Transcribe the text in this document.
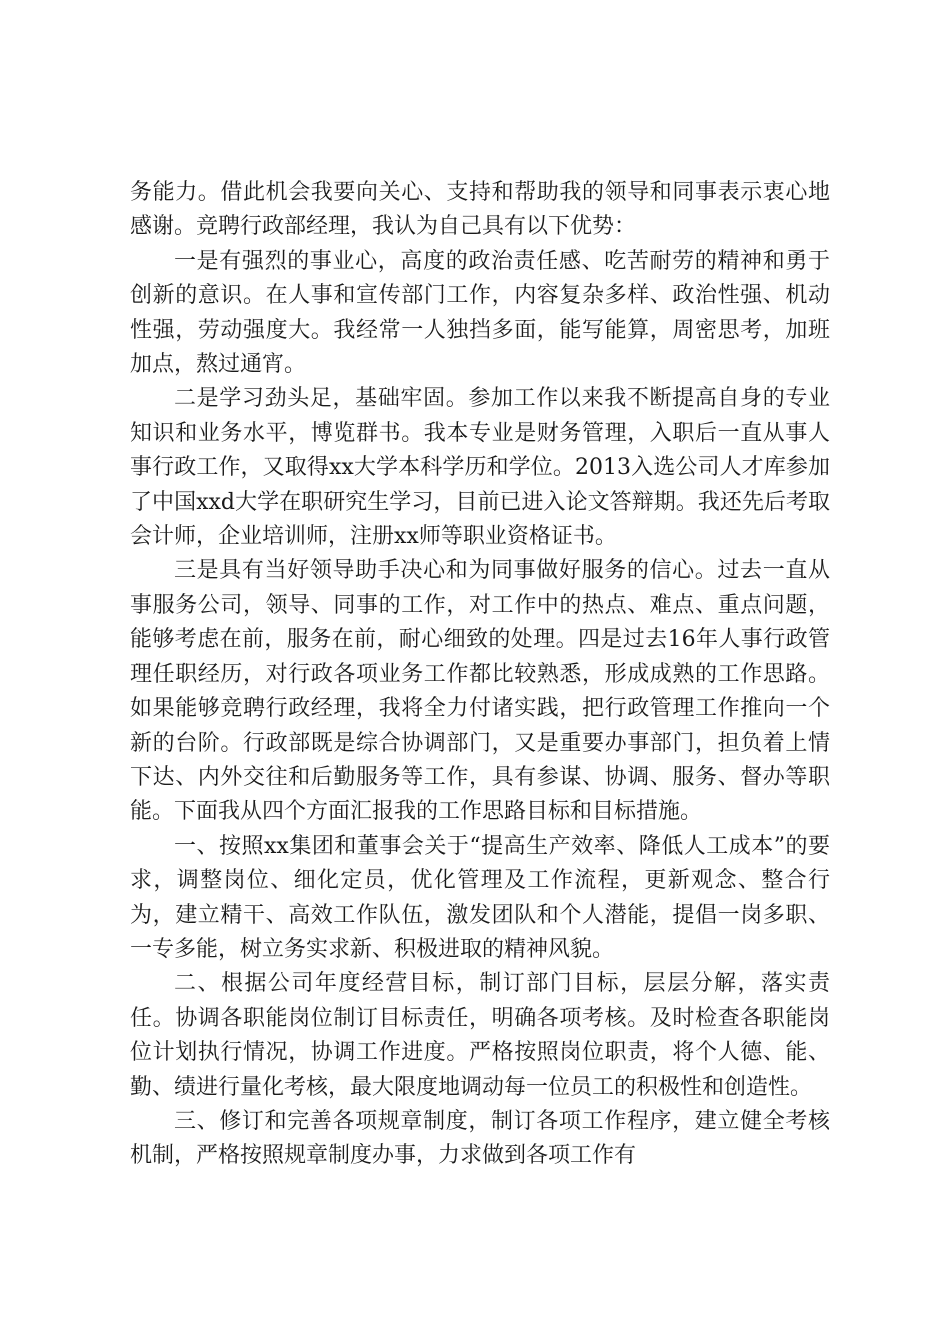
务能力。借此机会我要向关心、支持和帮助我的领导和同事表示衷心地感谢。竞聘行政部经理，我认为自己具有以下优势：

一是有强烈的事业心，高度的政治责任感、吃苦耐劳的精神和勇于创新的意识。在人事和宣传部门工作，内容复杂多样、政治性强、机动性强，劳动强度大。我经常一人独挡多面，能写能算，周密思考，加班加点，熬过通宵。

二是学习劲头足，基础牢固。参加工作以来我不断提高自身的专业知识和业务水平，博览群书。我本专业是财务管理，入职后一直从事人事行政工作，又取得xx大学本科学历和学位。2013入选公司人才库参加了中国xxd大学在职研究生学习，目前已进入论文答辩期。我还先后考取会计师，企业培训师，注册xx师等职业资格证书。

三是具有当好领导助手决心和为同事做好服务的信心。过去一直从事服务公司，领导、同事的工作，对工作中的热点、难点、重点问题，能够考虑在前，服务在前，耐心细致的处理。四是过去16年人事行政管理任职经历，对行政各项业务工作都比较熟悉，形成成熟的工作思路。如果能够竞聘行政经理，我将全力付诸实践，把行政管理工作推向一个新的台阶。行政部既是综合协调部门，又是重要办事部门，担负着上情下达、内外交往和后勤服务等工作，具有参谋、协调、服务、督办等职能。下面我从四个方面汇报我的工作思路目标和目标措施。

一、按照xx集团和董事会关于“提高生产效率、降低人工成本”的要求，调整岗位、细化定员，优化管理及工作流程，更新观念、整合行为，建立精干、高效工作队伍，激发团队和个人潜能，提倡一岗多职、一专多能，树立务实求新、积极进取的精神风貌。

二、根据公司年度经营目标，制订部门目标，层层分解，落实责任。协调各职能岗位制订目标责任，明确各项考核。及时检查各职能岗位计划执行情况，协调工作进度。严格按照岗位职责，将个人德、能、勤、绩进行量化考核，最大限度地调动每一位员工的积极性和创造性。

三、修订和完善各项规章制度，制订各项工作程序，建立健全考核机制，严格按照规章制度办事，力求做到各项工作有
